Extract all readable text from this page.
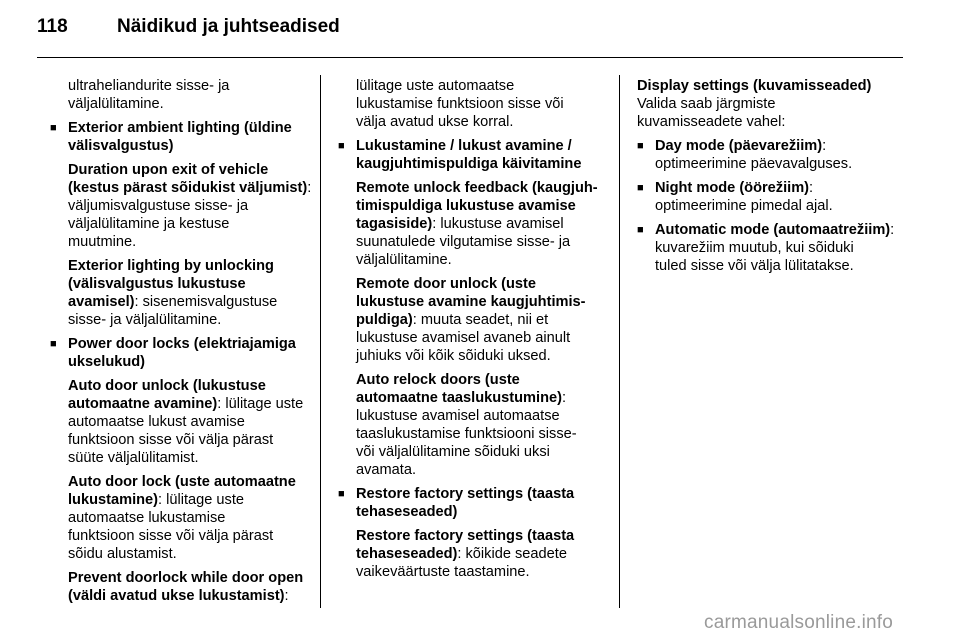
118	Näidikud ja juhtseadised
ultraheliandurite sisse- ja
väljalülitamine.
■ Exterior ambient lighting (üldine
välisvalgustus)
Duration upon exit of vehicle
(kestus pärast sõidukist väljumist):
väljumisvalgustuse sisse- ja
väljalülitamine ja kestuse
muutmine.
Exterior lighting by unlocking
(välisvalgustus lukustuse
avamisel): sisenemisvalgustuse
sisse- ja väljalülitamine.
■ Power door locks (elektriajamiga
ukselukud)
Auto door unlock (lukustuse
automaatne avamine): lülitage uste
automaatse lukust avamise
funktsioon sisse või välja pärast
süüte väljalülitamist.
Auto door lock (uste automaatne
lukustamine): lülitage uste
automaatse lukustamise
funktsioon sisse või välja pärast
sõidu alustamist.
Prevent doorlock while door open
(väldi avatud ukse lukustamist):
lülitage uste automaatse
lukustamise funktsioon sisse või
välja avatud ukse korral.
■ Lukustamine / lukust avamine /
kaugjuhtimispuldiga käivitamine
Remote unlock feedback (kaugjuh-
timispuldiga lukustuse avamise
tagasiside): lukustuse avamisel
suunatulede vilgutamise sisse- ja
väljalülitamine.
Remote door unlock (uste
lukustuse avamine kaugjuhtimis-
puldiga): muuta seadet, nii et
lukustuse avamisel avaneb ainult
juhiuks või kõik sõiduki uksed.
Auto relock doors (uste
automaatne taaslukustumine):
lukustuse avamisel automaatse
taaslukustamise funktsiooni sisse-
või väljalülitamine sõiduki uksi
avamata.
■ Restore factory settings (taasta
tehaseseaded)
Restore factory settings (taasta
tehaseseaded): kõikide seadete
vaikeväärtuste taastamine.
Display settings (kuvamisseaded)
Valida saab järgmiste
kuvamisseadete vahel:
■ Day mode (päevarežiim):
optimeerimine päevavalguses.
■ Night mode (öörežiim):
optimeerimine pimedal ajal.
■ Automatic mode (automaatrežiim):
kuvarežiim muutub, kui sõiduki
tuled sisse või välja lülitatakse.
carmanualsonline.info
